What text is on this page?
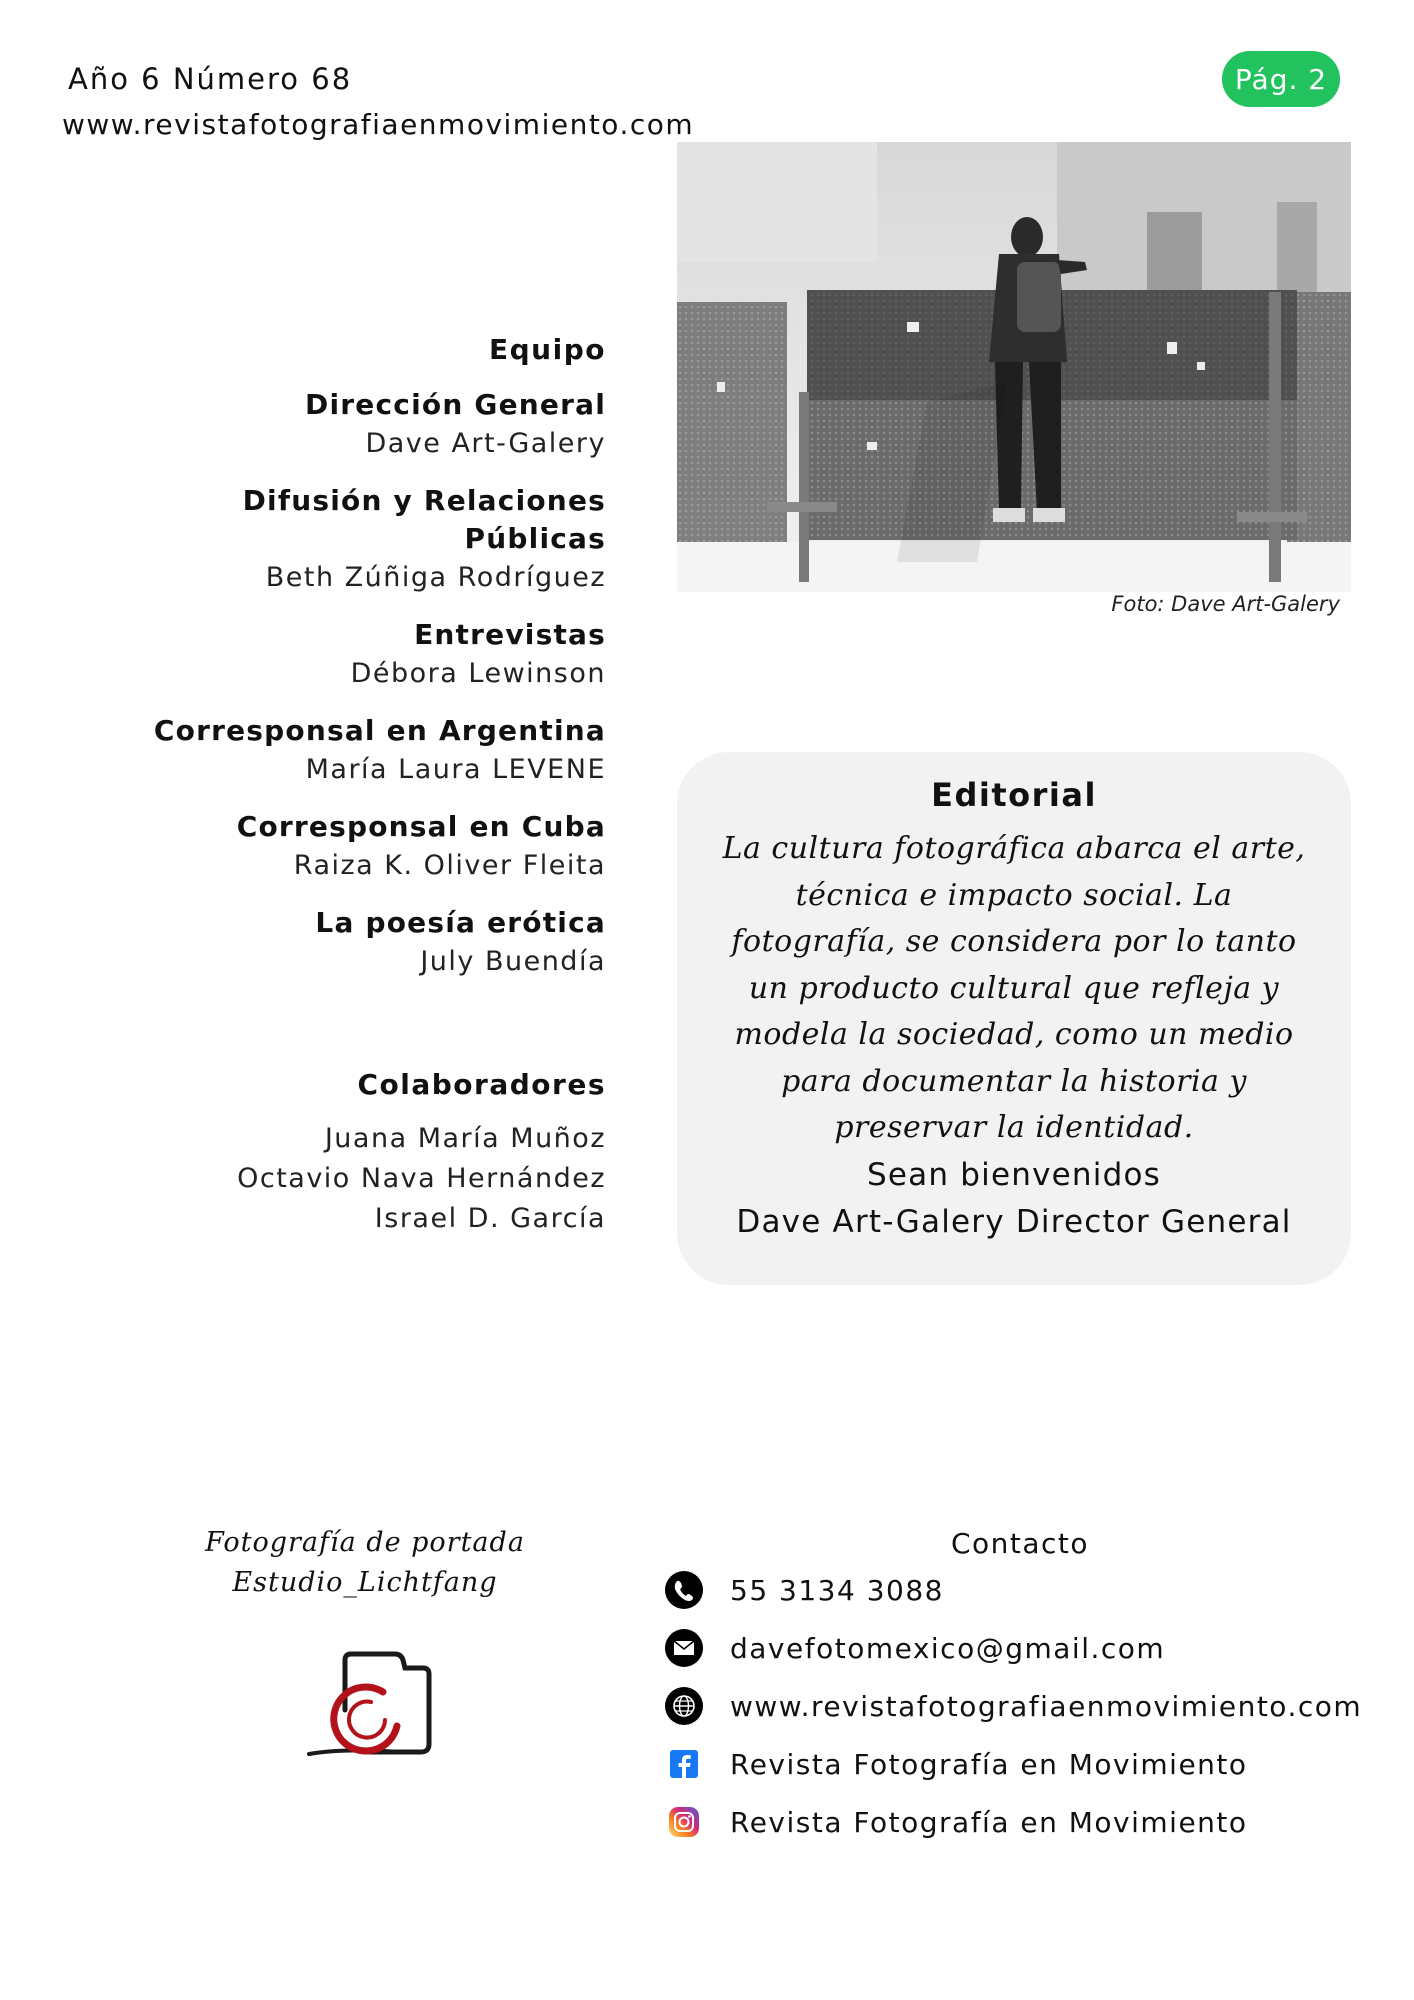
Año 6 Número 68
www.revistafotografiaenmovimiento.com
Pág. 2
Foto: Dave Art-Galery
Equipo
Dirección General
Dave Art-Galery
Difusión y Relaciones Públicas
Beth Zúñiga Rodríguez
Entrevistas
Débora Lewinson
Corresponsal en Argentina
María Laura LEVENE
Corresponsal en Cuba
Raiza K. Oliver Fleita
La poesía erótica
July Buendía
Colaboradores
Juana María Muñoz
Octavio Nava Hernández
Israel D. García
Editorial
La cultura fotográfica abarca el arte,
técnica e impacto social. La
fotografía, se considera por lo tanto
un producto cultural que refleja y
modela la sociedad, como un medio
para documentar la historia y
preservar la identidad.
Sean bienvenidos
Dave Art-Galery Director General
Fotografía de portada
Estudio_Lichtfang
Contacto
55 3134 3088
davefotomexico@gmail.com
www.revistafotografiaenmovimiento.com
Revista Fotografía en Movimiento
Revista Fotografía en Movimiento
